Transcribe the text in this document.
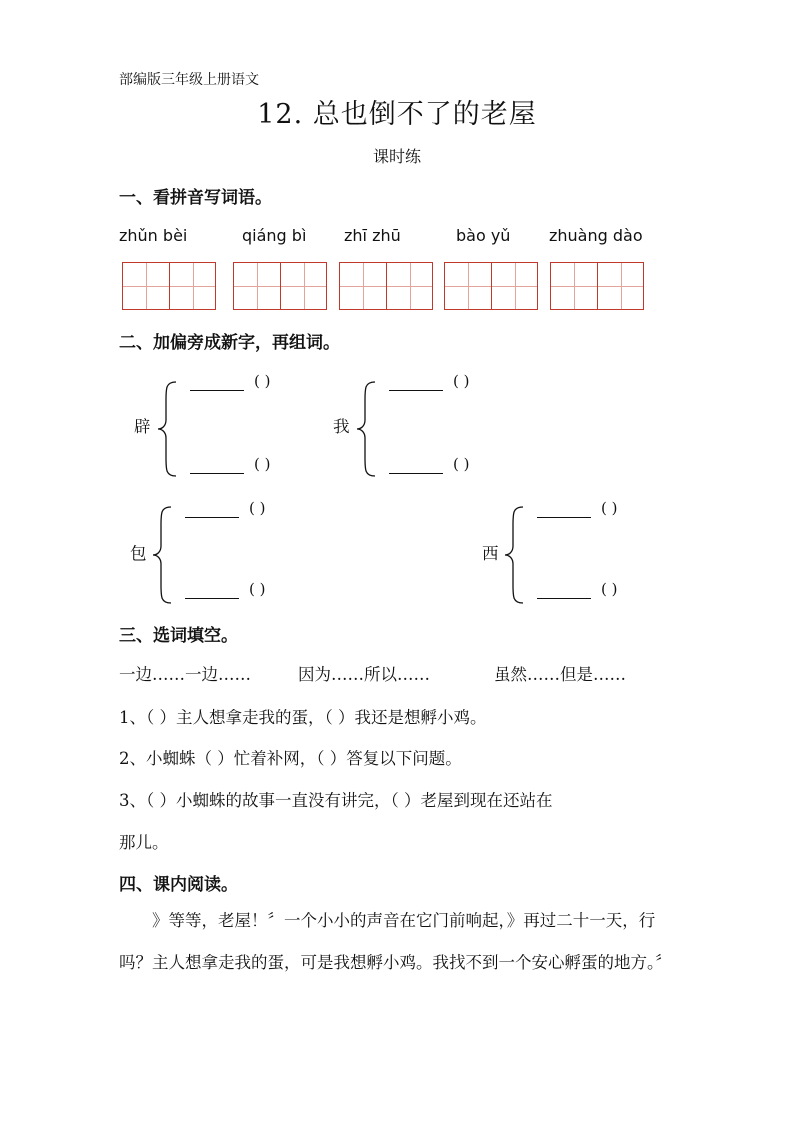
部编版三年级上册语文
12. 总也倒不了的老屋
课时练
一、看拼音写词语。
zhǔn bèi	qiáng bì zhī zhū	bào yǔ zhuàng dào
二、加偏旁成新字，再组词。
辟
( )
( )
我
( )
( )
包
( )
( )
西
( )
( )
三、选词填空。
一边……一边……	因为……所以……	虽然……但是……
1、（ ）主人想拿走我的蛋，（ ）我还是想孵小鸡。
2、小蜘蛛（ ）忙着补网，（ ）答复以下问题。
3、（ ）小蜘蛛的故事一直没有讲完，（ ）老屋到现在还站在
那儿。
四、课内阅读。
》等等，老屋！〞一个小小的声音在它门前响起，》再过二十一天，行吗？主人想拿走我的蛋，可是我想孵小鸡。我找不到一个安心孵蛋的地方。〞
